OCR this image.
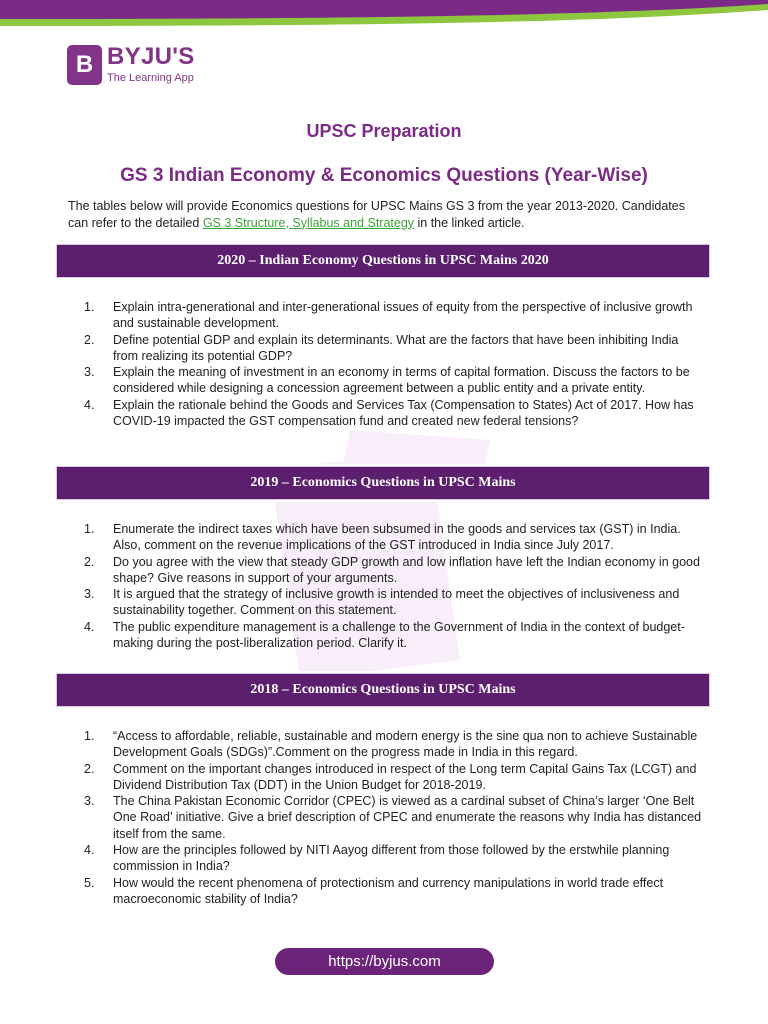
B BYJU'S
The Learning App
UPSC Preparation
GS 3 Indian Economy & Economics Questions (Year-Wise)

The tables below will provide Economics questions for UPSC Mains GS 3 from the year 2013-2020. Candidates can refer to the detailed GS 3 Structure, Syllabus and Strategy in the linked article.

2020 – Indian Economy Questions in UPSC Mains 2020
1.	Explain intra-generational and inter-generational issues of equity from the perspective of inclusive growth and sustainable development.
2.	Define potential GDP and explain its determinants. What are the factors that have been inhibiting India from realizing its potential GDP?
3.	Explain the meaning of investment in an economy in terms of capital formation. Discuss the factors to be considered while designing a concession agreement between a public entity and a private entity.
4.	Explain the rationale behind the Goods and Services Tax (Compensation to States) Act of 2017. How has COVID-19 impacted the GST compensation fund and created new federal tensions?
2019 – Economics Questions in UPSC Mains
1.	Enumerate the indirect taxes which have been subsumed in the goods and services tax (GST) in India. Also, comment on the revenue implications of the GST introduced in India since July 2017.
2.	Do you agree with the view that steady GDP growth and low inflation have left the Indian economy in good shape? Give reasons in support of your arguments.
3.	It is argued that the strategy of inclusive growth is intended to meet the objectives of inclusiveness and sustainability together. Comment on this statement.
4.	The public expenditure management is a challenge to the Government of India in the context of budget-making during the post-liberalization period. Clarify it.
2018 – Economics Questions in UPSC Mains
1.	“Access to affordable, reliable, sustainable and modern energy is the sine qua non to achieve Sustainable Development Goals (SDGs)”.Comment on the progress made in India in this regard.
2.	Comment on the important changes introduced in respect of the Long term Capital Gains Tax (LCGT) and Dividend Distribution Tax (DDT) in the Union Budget for 2018-2019.
3.	The China Pakistan Economic Corridor (CPEC) is viewed as a cardinal subset of China’s larger ‘One Belt One Road’ initiative. Give a brief description of CPEC and enumerate the reasons why India has distanced itself from the same.
4.	How are the principles followed by NITI Aayog different from those followed by the erstwhile planning commission in India?
5.	How would the recent phenomena of protectionism and currency manipulations in world trade effect macroeconomic stability of India?
https://byjus.com
